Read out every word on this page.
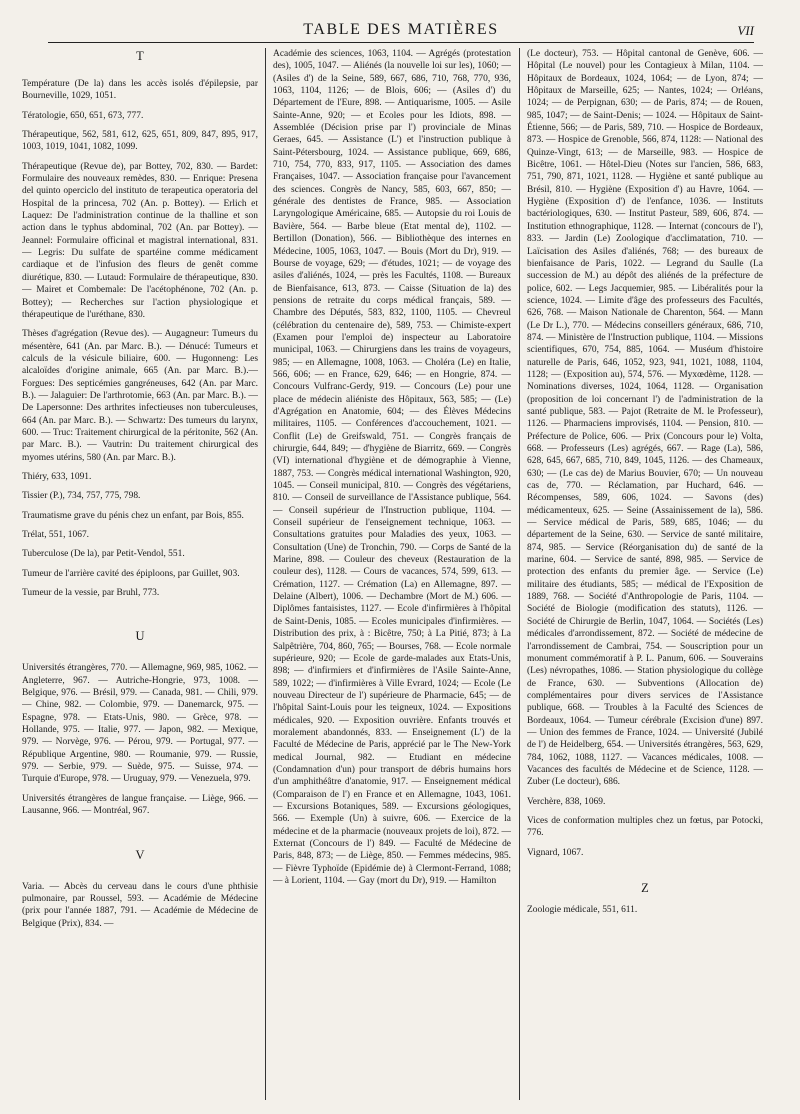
TABLE DES MATIÈRES	VII

T

Température (De la) dans les accès isolés d'épilepsie, par Bourneville, 1029, 1051.

Tératologie, 650, 651, 673, 777.

Thérapeutique, 562, 581, 612, 625, 651, 809, 847, 895, 917, 1003, 1019, 1041, 1082, 1099.

Thérapeutique (Revue de), par Bottey, 702, 830. — Bardet: Formulaire des nouveaux remèdes, 830. — Enrique: Presena del quinto operciclo del instituto de terapeutica operatoria del Hospital de la princesa, 702 (An. p. Bottey). — Erlich et Laquez: De l'administration continue de la thalline et son action dans le typhus abdominal, 702 (An. par Bottey). — Jeannel: Formulaire officinal et magistral international, 831. — Legris: Du sulfate de spartéine comme médicament cardiaque et de l'infusion des fleurs de genêt comme diurétique, 830. — Lutaud: Formulaire de thérapeutique, 830. — Mairet et Combemale: De l'acétophénone, 702 (An. p. Bottey); — Recherches sur l'action physiologique et thérapeutique de l'uréthane, 830.

Thèses d'agrégation (Revue des). — Augagneur: Tumeurs du mésentère, 641 (An. par Marc. B.). — Dénucé: Tumeurs et calculs de la vésicule biliaire, 600. — Hugonneng: Les alcaloïdes d'origine animale, 665 (An. par Marc. B.).—Forgues: Des septicémies gangréneuses, 642 (An. par Marc. B.). — Jalaguier: De l'arthrotomie, 663 (An. par Marc. B.). — De Lapersonne: Des arthrites infectieuses non tuberculeuses, 664 (An. par Marc. B.). — Schwartz: Des tumeurs du larynx, 600. — Truc: Traitement chirurgical de la péritonite, 562 (An. par Marc. B.). — Vautrin: Du traitement chirurgical des myomes utérins, 580 (An. par Marc. B.).

Thiéry, 633, 1091.

Tissier (P.), 734, 757, 775, 798.

Traumatisme grave du pénis chez un enfant, par Bois, 855.

Trélat, 551, 1067.

Tuberculose (De la), par Petit-Vendol, 551.

Tumeur de l'arrière cavité des épiploons, par Guillet, 903.

Tumeur de la vessie, par Bruhl, 773.

U

Universités étrangères, 770. — Allemagne, 969, 985, 1062. — Angleterre, 967. — Autriche-Hongrie, 973, 1008. — Belgique, 976. — Brésil, 979. — Canada, 981. — Chili, 979. — Chine, 982. — Colombie, 979. — Danemarck, 975. — Espagne, 978. — Etats-Unis, 980. — Grèce, 978. — Hollande, 975. — Italie, 977. — Japon, 982. — Mexique, 979. — Norvège, 976. — Pérou, 979. — Portugal, 977. — République Argentine, 980. — Roumanie, 979. — Russie, 979. — Serbie, 979. — Suède, 975. — Suisse, 974. — Turquie d'Europe, 978. — Uruguay, 979. — Venezuela, 979.

Universités étrangères de langue française. — Liège, 966. — Lausanne, 966. — Montréal, 967.

V

Varia. — Abcès du cerveau dans le cours d'une phthisie pulmonaire, par Roussel, 593. — Académie de Médecine (prix pour l'année 1887, 791. — Académie de Médecine de Belgique (Prix), 834. —

Académie des sciences, 1063, 1104. — Agrégés (protestation des), 1005, 1047. — Aliénés (la nouvelle loi sur les), 1060; — (Asiles d') de la Seine, 589, 667, 686, 710, 768, 770, 936, 1063, 1104, 1126; — de Blois, 606; — (Asiles d') du Département de l'Eure, 898. — Antiquarisme, 1005. — Asile Sainte-Anne, 920; — et Ecoles pour les Idiots, 898. — Assemblée (Décision prise par l') provinciale de Minas Geraes, 645. — Assistance (L') et l'instruction publique à Saint-Pétersbourg, 1024. — Assistance publique, 669, 686, 710, 754, 770, 833, 917, 1105. — Association des dames Françaises, 1047. — Association française pour l'avancement des sciences. Congrès de Nancy, 585, 603, 667, 850; — générale des dentistes de France, 985. — Association Laryngologique Américaine, 685. — Autopsie du roi Louis de Bavière, 564. — Barbe bleue (Etat mental de), 1102. — Bertillon (Donation), 566. — Bibliothèque des internes en Médecine, 1005, 1063, 1047. — Bouis (Mort du Dr), 919. — Bourse de voyage, 629; — d'études, 1021; — de voyage des asiles d'aliénés, 1024, — près les Facultés, 1108. — Bureaux de Bienfaisance, 613, 873. — Caisse (Situation de la) des pensions de retraite du corps médical français, 589. — Chambre des Députés, 583, 832, 1100, 1105. — Chevreul (célébration du centenaire de), 589, 753. — Chimiste-expert (Examen pour l'emploi de) inspecteur au Laboratoire municipal, 1063. — Chirurgiens dans les trains de voyageurs, 985; — en Allemagne, 1008, 1063. — Choléra (Le) en Italie, 566, 606; — en France, 629, 646; — en Hongrie, 874. — Concours Vulfranc-Gerdy, 919. — Concours (Le) pour une place de médecin aliéniste des Hôpitaux, 563, 585; — (Le) d'Agrégation en Anatomie, 604; — des Élèves Médecins militaires, 1105. — Conférences d'accouchement, 1021. — Conflit (Le) de Greifswald, 751. — Congrès français de chirurgie, 644, 849; — d'hygiène de Biarritz, 669. — Congrès (VI) international d'hygiène et de démographie à Vienne, 1887, 753. — Congrès médical international Washington, 920, 1045. — Conseil municipal, 810. — Congrès des végétariens, 810. — Conseil de surveillance de l'Assistance publique, 564. — Conseil supérieur de l'Instruction publique, 1104. — Conseil supérieur de l'enseignement technique, 1063. — Consultations gratuites pour Maladies des yeux, 1063. — Consultation (Une) de Tronchin, 790. — Corps de Santé de la Marine, 898. — Couleur des cheveux (Restauration de la couleur des), 1128. — Cours de vacances, 574, 599, 613. — Crémation, 1127. — Crémation (La) en Allemagne, 897. — Delaine (Albert), 1006. — Dechambre (Mort de M.) 606. — Diplômes fantaisistes, 1127. — Ecole d'infirmières à l'hôpital de Saint-Denis, 1085. — Ecoles municipales d'infirmières. — Distribution des prix, à : Bicêtre, 750; à La Pitié, 873; à La Salpêtrière, 704, 860, 765; — Bourses, 768. — Ecole normale supérieure, 920; — Ecole de garde-malades aux Etats-Unis, 898; — d'infirmiers et d'infirmières de l'Asile Sainte-Anne, 589, 1022; — d'infirmières à Ville Evrard, 1024; — Ecole (Le nouveau Directeur de l') supérieure de Pharmacie, 645; — de l'hôpital Saint-Louis pour les teigneux, 1024. — Expositions médicales, 920. — Exposition ouvrière. Enfants trouvés et moralement abandonnés, 833. — Enseignement (L') de la Faculté de Médecine de Paris, apprécié par le The New-York medical Journal, 982. — Etudiant en médecine (Condamnation d'un) pour transport de débris humains hors d'un amphithéâtre d'anatomie, 917. — Enseignement médical (Comparaison de l') en France et en Allemagne, 1043, 1061. — Excursions Botaniques, 589. — Excursions géologiques, 566. — Exemple (Un) à suivre, 606. — Exercice de la médecine et de la pharmacie (nouveaux projets de loi), 872. — Externat (Concours de l') 849. — Faculté de Médecine de Paris, 848, 873; — de Liège, 850. — Femmes médecins, 985. — Fièvre Typhoïde (Epidémie de) à Clermont-Ferrand, 1088; — à Lorient, 1104. — Gay (mort du Dr), 919. — Hamilton

(Le docteur), 753. — Hôpital cantonal de Genève, 606. — Hôpital (Le nouvel) pour les Contagieux à Milan, 1104. — Hôpitaux de Bordeaux, 1024, 1064; — de Lyon, 874; — Hôpitaux de Marseille, 625; — Nantes, 1024; — Orléans, 1024; — de Perpignan, 630; — de Paris, 874; — de Rouen, 985, 1047; — de Saint-Denis; — 1024. — Hôpitaux de Saint-Étienne, 566; — de Paris, 589, 710. — Hospice de Bordeaux, 873. — Hospice de Grenoble, 566, 874, 1128: — National des Quinze-Vingt, 613; — de Marseille, 983. — Hospice de Bicêtre, 1061. — Hôtel-Dieu (Notes sur l'ancien, 586, 683, 751, 790, 871, 1021, 1128. — Hygiène et santé publique au Brésil, 810. — Hygiène (Exposition d') au Havre, 1064. — Hygiène (Exposition d') de l'enfance, 1036. — Instituts bactériologiques, 630. — Institut Pasteur, 589, 606, 874. — Institution ethnographique, 1128. — Internat (concours de l'), 833. — Jardin (Le) Zoologique d'acclimatation, 710. — Laïcisation des Asiles d'aliénés, 768; — des bureaux de bienfaisance de Paris, 1022. — Legrand du Saulle (La succession de M.) au dépôt des aliénés de la préfecture de police, 602. — Legs Jacquemier, 985. — Libéralités pour la science, 1024. — Limite d'âge des professeurs des Facultés, 626, 768. — Maison Nationale de Charenton, 564. — Mann (Le Dr L.), 770. — Médecins conseillers généraux, 686, 710, 874. — Ministère de l'Instruction publique, 1104. — Missions scientifiques, 670, 754, 885, 1064. — Muséum d'histoire naturelle de Paris, 646, 1052, 923, 941, 1021, 1088, 1104, 1128; — (Exposition au), 574, 576. — Myxœdème, 1128. — Nominations diverses, 1024, 1064, 1128. — Organisation (proposition de loi concernant l') de l'administration de la santé publique, 583. — Pajot (Retraite de M. le Professeur), 1126. — Pharmaciens improvisés, 1104. — Pension, 810. — Préfecture de Police, 606. — Prix (Concours pour le) Volta, 668. — Professeurs (Les) agrégés, 667. — Rage (La), 586, 628, 645, 667, 685, 710, 849, 1045, 1126. — des Chameaux, 630; — (Le cas de) de Marius Bouvier, 670; — Un nouveau cas de, 770. — Réclamation, par Huchard, 646. — Récompenses, 589, 606, 1024. — Savons (des) médicamenteux, 625. — Seine (Assainissement de la), 586. — Service médical de Paris, 589, 685, 1046; — du département de la Seine, 630. — Service de santé militaire, 874, 985. — Service (Réorganisation du) de santé de la marine, 604. — Service de santé, 898, 985. — Service de protection des enfants du premier âge. — Service (Le) militaire des étudiants, 585; — médical de l'Exposition de 1889, 768. — Société d'Anthropologie de Paris, 1104. — Société de Biologie (modification des statuts), 1126. — Société de Chirurgie de Berlin, 1047, 1064. — Sociétés (Les) médicales d'arrondissement, 872. — Société de médecine de l'arrondissement de Cambrai, 754. — Souscription pour un monument commémoratif à P. L. Panum, 606. — Souverains (Les) névropathes, 1086. — Station physiologique du collège de France, 630. — Subventions (Allocation de) complémentaires pour divers services de l'Assistance publique, 668. — Troubles à la Faculté des Sciences de Bordeaux, 1064. — Tumeur cérébrale (Excision d'une) 897. — Union des femmes de France, 1024. — Université (Jubilé de l') de Heidelberg, 654. — Universités étrangères, 563, 629, 784, 1062, 1088, 1127. — Vacances médicales, 1008. — Vacances des facultés de Médecine et de Science, 1128. — Zuber (Le docteur), 686.

Verchère, 838, 1069.

Vices de conformation multiples chez un fœtus, par Potocki, 776.

Vignard, 1067.

Z

Zoologie médicale, 551, 611.
